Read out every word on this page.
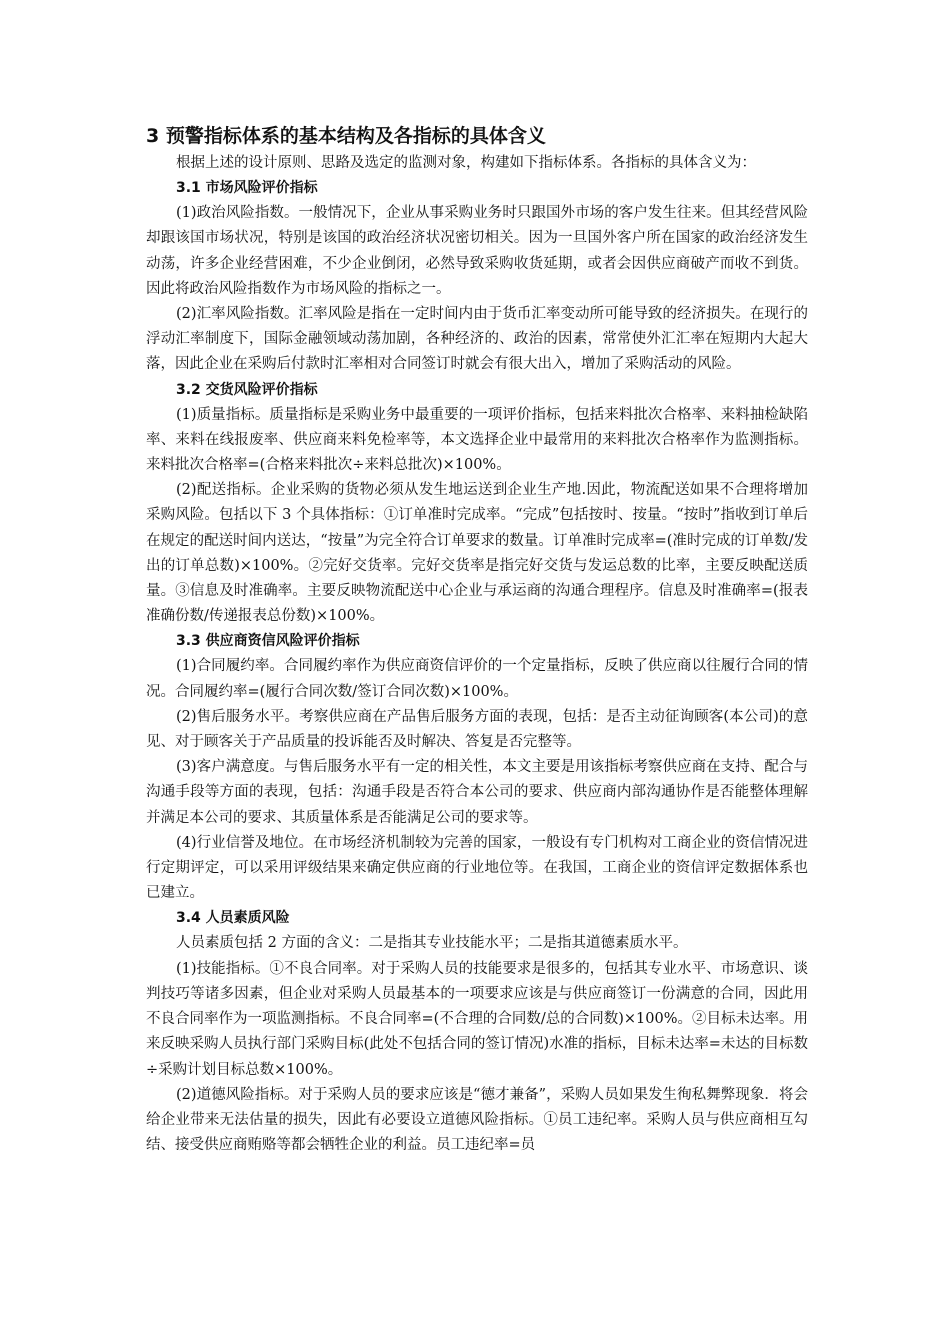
3 预警指标体系的基本结构及各指标的具体含义

根据上述的设计原则、思路及选定的监测对象，构建如下指标体系。各指标的具体含义为：

3.1 市场风险评价指标

(1)政治风险指数。一般情况下，企业从事采购业务时只跟国外市场的客户发生往来。但其经营风险却跟该国市场状况，特别是该国的政治经济状况密切相关。因为一旦国外客户所在国家的政治经济发生动荡，许多企业经营困难，不少企业倒闭，必然导致采购收货延期，或者会因供应商破产而收不到货。因此将政治风险指数作为市场风险的指标之一。

(2)汇率风险指数。汇率风险是指在一定时间内由于货币汇率变动所可能导致的经济损失。在现行的浮动汇率制度下，国际金融领域动荡加剧，各种经济的、政治的因素，常常使外汇汇率在短期内大起大落，因此企业在采购后付款时汇率相对合同签订时就会有很大出入，增加了采购活动的风险。

3.2 交货风险评价指标

(1)质量指标。质量指标是采购业务中最重要的一项评价指标，包括来料批次合格率、来料抽检缺陷率、来料在线报废率、供应商来料免检率等，本文选择企业中最常用的来料批次合格率作为监测指标。来料批次合格率=(合格来料批次÷来料总批次)×100%。

(2)配送指标。企业采购的货物必须从发生地运送到企业生产地.因此，物流配送如果不合理将增加采购风险。包括以下 3 个具体指标：①订单准时完成率。“完成”包括按时、按量。“按时”指收到订单后在规定的配送时间内送达，“按量”为完全符合订单要求的数量。订单准时完成率=(准时完成的订单数/发出的订单总数)×100%。②完好交货率。完好交货率是指完好交货与发运总数的比率，主要反映配送质量。③信息及时准确率。主要反映物流配送中心企业与承运商的沟通合理程序。信息及时准确率=(报表准确份数/传递报表总份数)×100%。

3.3 供应商资信风险评价指标

(1)合同履约率。合同履约率作为供应商资信评价的一个定量指标，反映了供应商以往履行合同的情况。合同履约率=(履行合同次数/签订合同次数)×100%。

(2)售后服务水平。考察供应商在产品售后服务方面的表现，包括：是否主动征询顾客(本公司)的意见、对于顾客关于产品质量的投诉能否及时解决、答复是否完整等。

(3)客户满意度。与售后服务水平有一定的相关性，本文主要是用该指标考察供应商在支持、配合与沟通手段等方面的表现，包括：沟通手段是否符合本公司的要求、供应商内部沟通协作是否能整体理解并满足本公司的要求、其质量体系是否能满足公司的要求等。

(4)行业信誉及地位。在市场经济机制较为完善的国家，一般设有专门机构对工商企业的资信情况进行定期评定，可以采用评级结果来确定供应商的行业地位等。在我国，工商企业的资信评定数据体系也已建立。

3.4 人员素质风险

人员素质包括 2 方面的含义：二是指其专业技能水平；二是指其道德素质水平。

(1)技能指标。①不良合同率。对于采购人员的技能要求是很多的，包括其专业水平、市场意识、谈判技巧等诸多因素，但企业对采购人员最基本的一项要求应该是与供应商签订一份满意的合同，因此用不良合同率作为一项监测指标。不良合同率=(不合理的合同数/总的合同数)×100%。②目标未达率。用来反映采购人员执行部门采购目标(此处不包括合同的签订情况)水准的指标，目标未达率=未达的目标数÷采购计划目标总数×100%。

(2)道德风险指标。对于采购人员的要求应该是“德才兼备”，采购人员如果发生徇私舞弊现象．将会给企业带来无法估量的损失，因此有必要设立道德风险指标。①员工违纪率。采购人员与供应商相互勾结、接受供应商贿赂等都会牺牲企业的利益。员工违纪率=员
